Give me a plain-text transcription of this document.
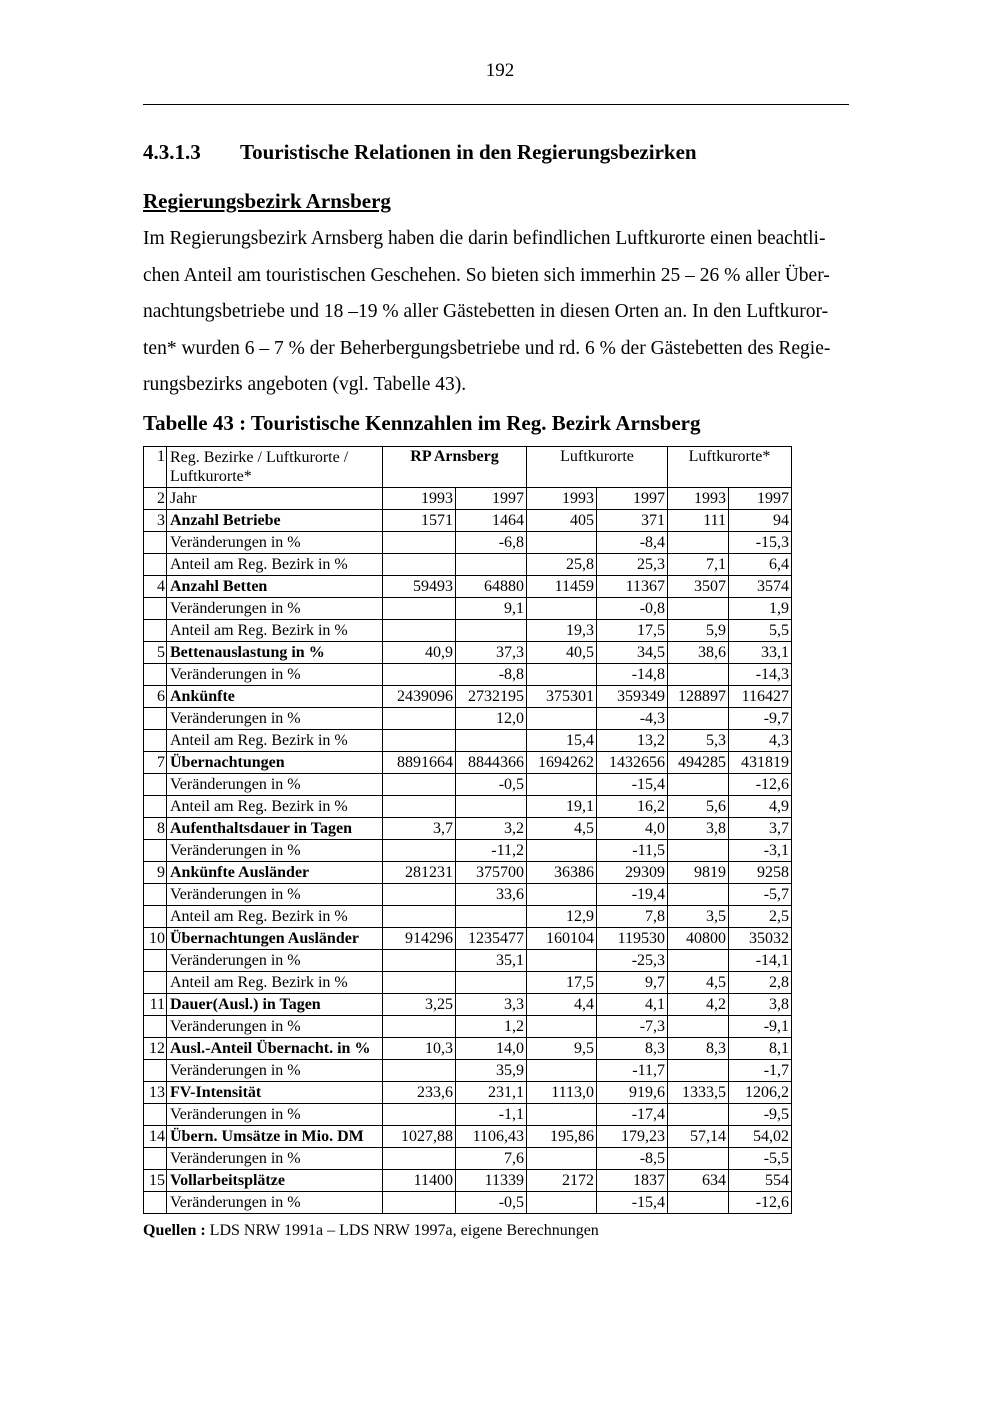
192
4.3.1.3 Touristische Relationen in den Regierungsbezirken
Regierungsbezirk Arnsberg
Im Regierungsbezirk Arnsberg haben die darin befindlichen Luftkurorte einen beachtli-
chen Anteil am touristischen Geschehen. So bieten sich immerhin 25 – 26 % aller Über-
nachtungsbetriebe und 18 –19 % aller Gästebetten in diesen Orten an. In den Luftkuror-
ten* wurden 6 – 7 % der Beherbergungsbetriebe und rd. 6 % der Gästebetten des Regie-
rungsbezirks angeboten (vgl. Tabelle 43).
Tabelle 43 : Touristische Kennzahlen im Reg. Bezirk Arnsberg
1	Reg. Bezirke / Luftkurorte / Luftkurorte*	RP Arnsberg		Luftkurorte		Luftkurorte*	
2	Jahr	1993	1997	1993	1997	1993	1997
3	Anzahl Betriebe	1571	1464	405	371	111	94
	Veränderungen in %		-6,8		-8,4		-15,3
	Anteil am Reg. Bezirk in %			25,8	25,3	7,1	6,4
4	Anzahl Betten	59493	64880	11459	11367	3507	3574
	Veränderungen in %		9,1		-0,8		1,9
	Anteil am Reg. Bezirk in %			19,3	17,5	5,9	5,5
5	Bettenauslastung in %	40,9	37,3	40,5	34,5	38,6	33,1
	Veränderungen in %		-8,8		-14,8		-14,3
6	Ankünfte	2439096	2732195	375301	359349	128897	116427
	Veränderungen in %		12,0		-4,3		-9,7
	Anteil am Reg. Bezirk in %			15,4	13,2	5,3	4,3
7	Übernachtungen	8891664	8844366	1694262	1432656	494285	431819
	Veränderungen in %		-0,5		-15,4		-12,6
	Anteil am Reg. Bezirk in %			19,1	16,2	5,6	4,9
8	Aufenthaltsdauer in Tagen	3,7	3,2	4,5	4,0	3,8	3,7
	Veränderungen in %		-11,2		-11,5		-3,1
9	Ankünfte Ausländer	281231	375700	36386	29309	9819	9258
	Veränderungen in %		33,6		-19,4		-5,7
	Anteil am Reg. Bezirk in %			12,9	7,8	3,5	2,5
10	Übernachtungen Ausländer	914296	1235477	160104	119530	40800	35032
	Veränderungen in %		35,1		-25,3		-14,1
	Anteil am Reg. Bezirk in %			17,5	9,7	4,5	2,8
11	Dauer(Ausl.) in Tagen	3,25	3,3	4,4	4,1	4,2	3,8
	Veränderungen in %		1,2		-7,3		-9,1
12	Ausl.-Anteil Übernacht. in %	10,3	14,0	9,5	8,3	8,3	8,1
	Veränderungen in %		35,9		-11,7		-1,7
13	FV-Intensität	233,6	231,1	1113,0	919,6	1333,5	1206,2
	Veränderungen in %		-1,1		-17,4		-9,5
14	Übern. Umsätze in Mio. DM	1027,88	1106,43	195,86	179,23	57,14	54,02
	Veränderungen in %		7,6		-8,5		-5,5
15	Vollarbeitsplätze	11400	11339	2172	1837	634	554
	Veränderungen in %		-0,5		-15,4		-12,6
Quellen : LDS NRW 1991a – LDS NRW 1997a, eigene Berechnungen
